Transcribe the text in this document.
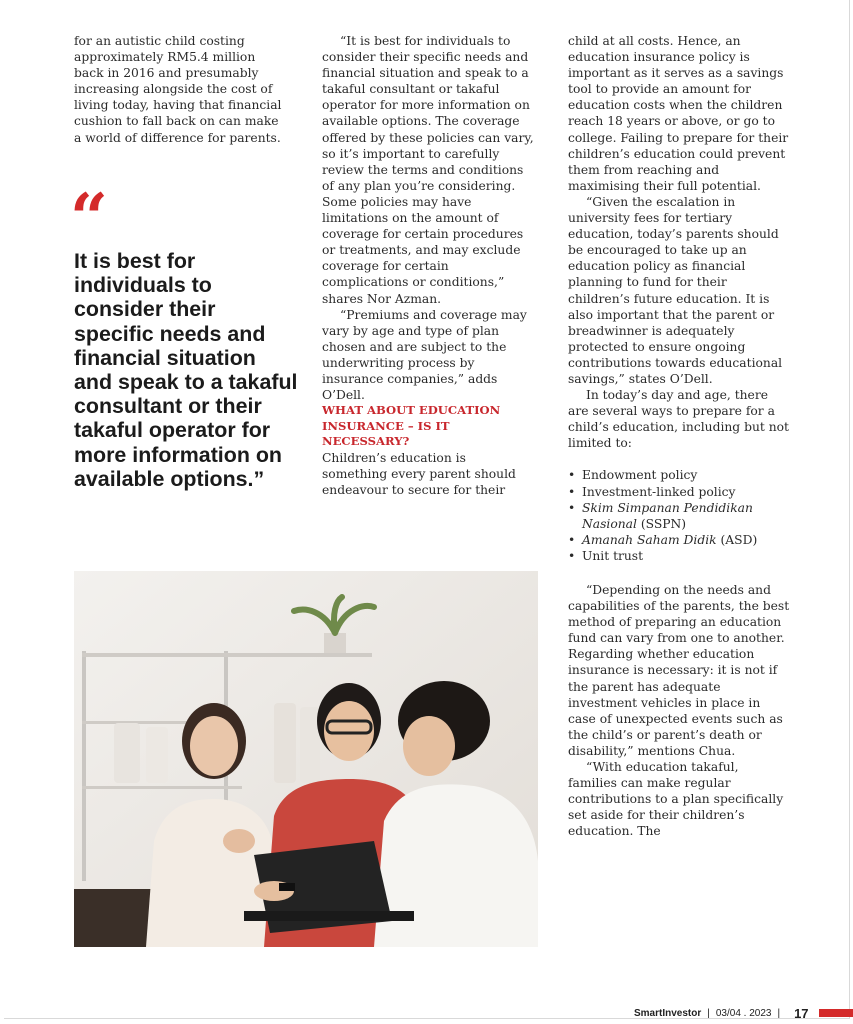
for an autistic child costing approximately RM5.4 million back in 2016 and presumably increasing alongside the cost of living today, having that financial cushion to fall back on can make a world of difference for parents.

“

It is best for individuals to consider their specific needs and financial situation and speak to a takaful consultant or their takaful operator for more information on available options.”

“It is best for individuals to consider their specific needs and financial situation and speak to a takaful consultant or takaful operator for more information on available options. The coverage offered by these policies can vary, so it’s important to carefully review the terms and conditions of any plan you’re considering. Some policies may have limitations on the amount of coverage for certain procedures or treatments, and may exclude coverage for certain complications or conditions,” shares Nor Azman.

“Premiums and coverage may vary by age and type of plan chosen and are subject to the underwriting process by insurance companies,” adds O’Dell.

WHAT ABOUT EDUCATION INSURANCE – IS IT NECESSARY?

Children’s education is something every parent should endeavour to secure for their

child at all costs. Hence, an education insurance policy is important as it serves as a savings tool to provide an amount for education costs when the children reach 18 years or above, or go to college. Failing to prepare for their children’s education could prevent them from reaching and maximising their full potential.

“Given the escalation in university fees for tertiary education, today’s parents should be encouraged to take up an education policy as financial planning to fund for their children’s future education. It is also important that the parent or breadwinner is adequately protected to ensure ongoing contributions towards educational savings,” states O’Dell.

In today’s day and age, there are several ways to prepare for a child’s education, including but not limited to:

• Endowment policy
• Investment-linked policy
• Skim Simpanan Pendidikan Nasional (SSPN)
• Amanah Saham Didik (ASD)
• Unit trust

“Depending on the needs and capabilities of the parents, the best method of preparing an education fund can vary from one to another. Regarding whether education insurance is necessary: it is not if the parent has adequate investment vehicles in place in case of unexpected events such as the child’s or parent’s death or disability,” mentions Chua.

“With education takaful, families can make regular contributions to a plan specifically set aside for their children’s education. The

SmartInvestor | 03/04 . 2023 | 17
